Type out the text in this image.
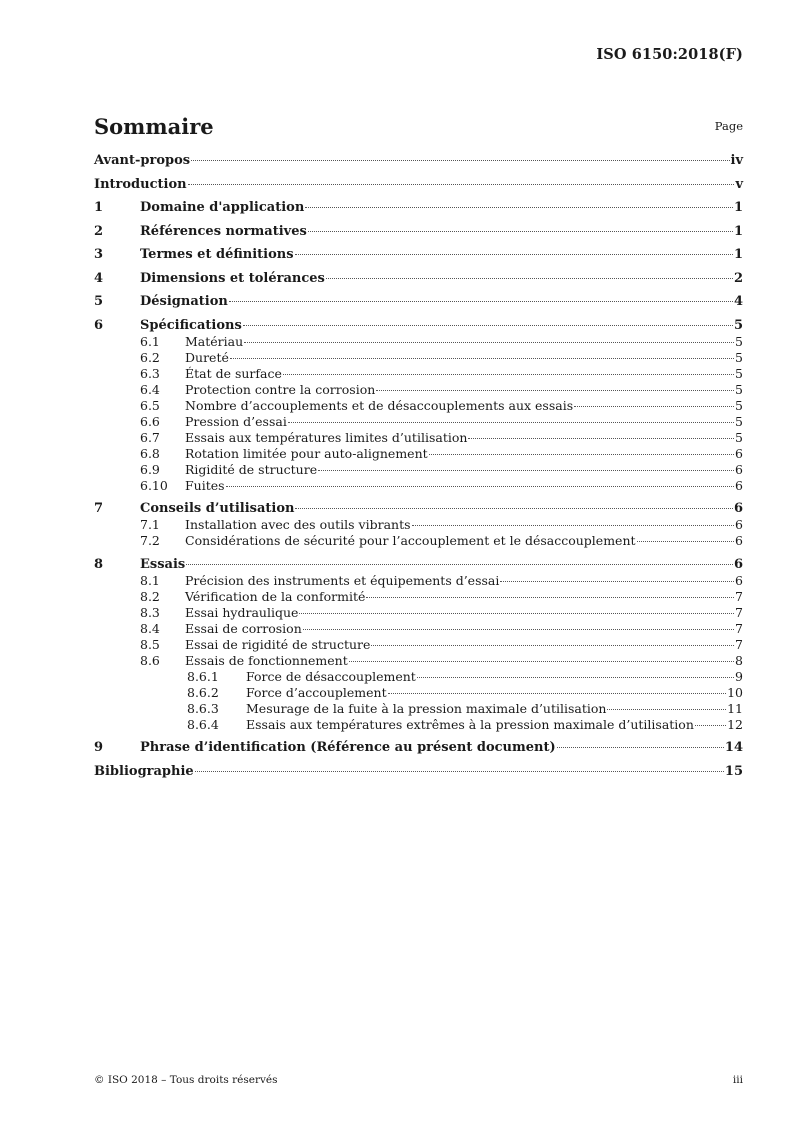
ISO 6150:2018(F)
Sommaire	Page
Avant-propos	iv
Introduction	v
1	Domaine d'application	1
2	Références normatives	1
3	Termes et définitions	1
4	Dimensions et tolérances	2
5	Désignation	4
6	Spécifications	5
6.1 Matériau	5
6.2 Dureté	5
6.3 État de surface	5
6.4 Protection contre la corrosion	5
6.5 Nombre d’accouplements et de désaccouplements aux essais	5
6.6 Pression d’essai	5
6.7 Essais aux températures limites d’utilisation	5
6.8 Rotation limitée pour auto-alignement	6
6.9 Rigidité de structure	6
6.10 Fuites	6
7	Conseils d’utilisation	6
7.1 Installation avec des outils vibrants	6
7.2 Considérations de sécurité pour l’accouplement et le désaccouplement	6
8	Essais	6
8.1 Précision des instruments et équipements d’essai	6
8.2 Vérification de la conformité	7
8.3 Essai hydraulique	7
8.4 Essai de corrosion	7
8.5 Essai de rigidité de structure	7
8.6 Essais de fonctionnement	8
8.6.1 Force de désaccouplement	9
8.6.2 Force d’accouplement	10
8.6.3 Mesurage de la fuite à la pression maximale d’utilisation	11
8.6.4 Essais aux températures extrêmes à la pression maximale d’utilisation	12
9	Phrase d’identification (Référence au présent document)	14
Bibliographie	15
© ISO 2018 – Tous droits réservés	iii
